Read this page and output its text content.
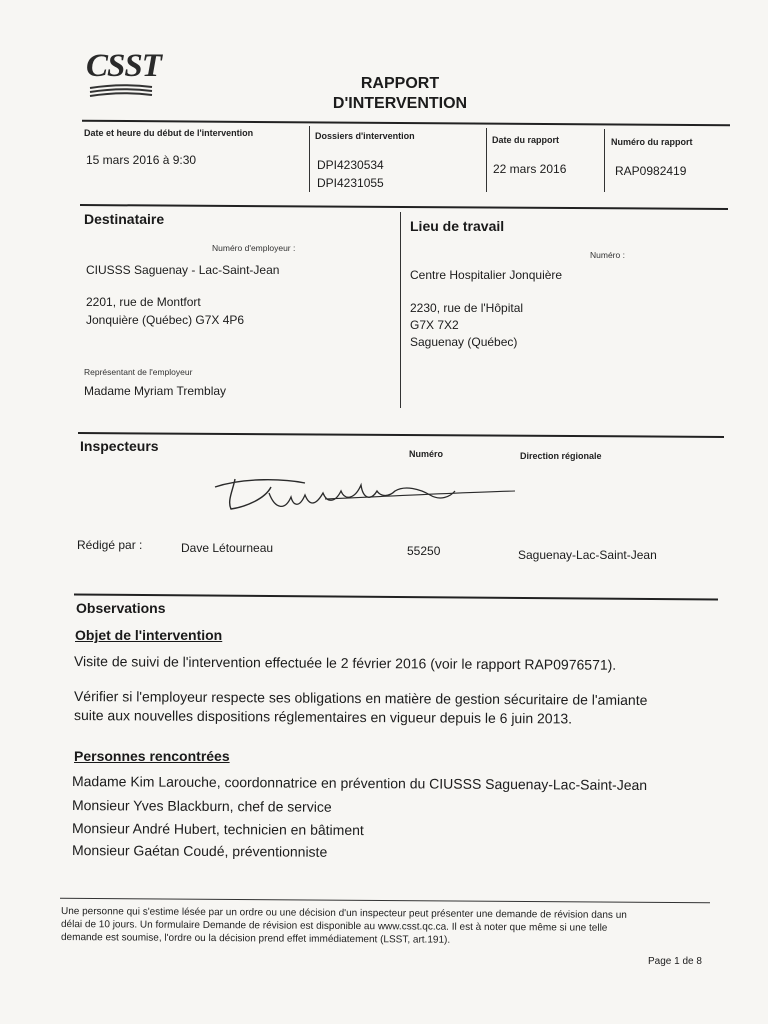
CSST	RAPPORT
D'INTERVENTION
Date et heure du début de l'intervention
15 mars 2016 à 9:30
Dossiers d'intervention
DPI4230534
DPI4231055
Date du rapport
22 mars 2016
Numéro du rapport
RAP0982419
Destinataire
Numéro d'employeur :
CIUSSS Saguenay - Lac-Saint-Jean
2201, rue de Montfort
Jonquière (Québec) G7X 4P6
Représentant de l'employeur
Madame Myriam Tremblay
Lieu de travail
Numéro :
Centre Hospitalier Jonquière
2230, rue de l'Hôpital
G7X 7X2
Saguenay (Québec)
Inspecteurs	Numéro	Direction régionale
Rédigé par :	Dave Létourneau	55250	Saguenay-Lac-Saint-Jean
Observations
Objet de l'intervention
Visite de suivi de l'intervention effectuée le 2 février 2016 (voir le rapport RAP0976571).
Vérifier si l'employeur respecte ses obligations en matière de gestion sécuritaire de l'amiante
suite aux nouvelles dispositions réglementaires en vigueur depuis le 6 juin 2013.
Personnes rencontrées
Madame Kim Larouche, coordonnatrice en prévention du CIUSSS Saguenay-Lac-Saint-Jean
Monsieur Yves Blackburn, chef de service
Monsieur André Hubert, technicien en bâtiment
Monsieur Gaétan Coudé, préventionniste
Une personne qui s'estime lésée par un ordre ou une décision d'un inspecteur peut présenter une demande de révision dans un
délai de 10 jours. Un formulaire Demande de révision est disponible au www.csst.qc.ca. Il est à noter que même si une telle
demande est soumise, l'ordre ou la décision prend effet immédiatement (LSST, art.191).
Page 1 de 8
